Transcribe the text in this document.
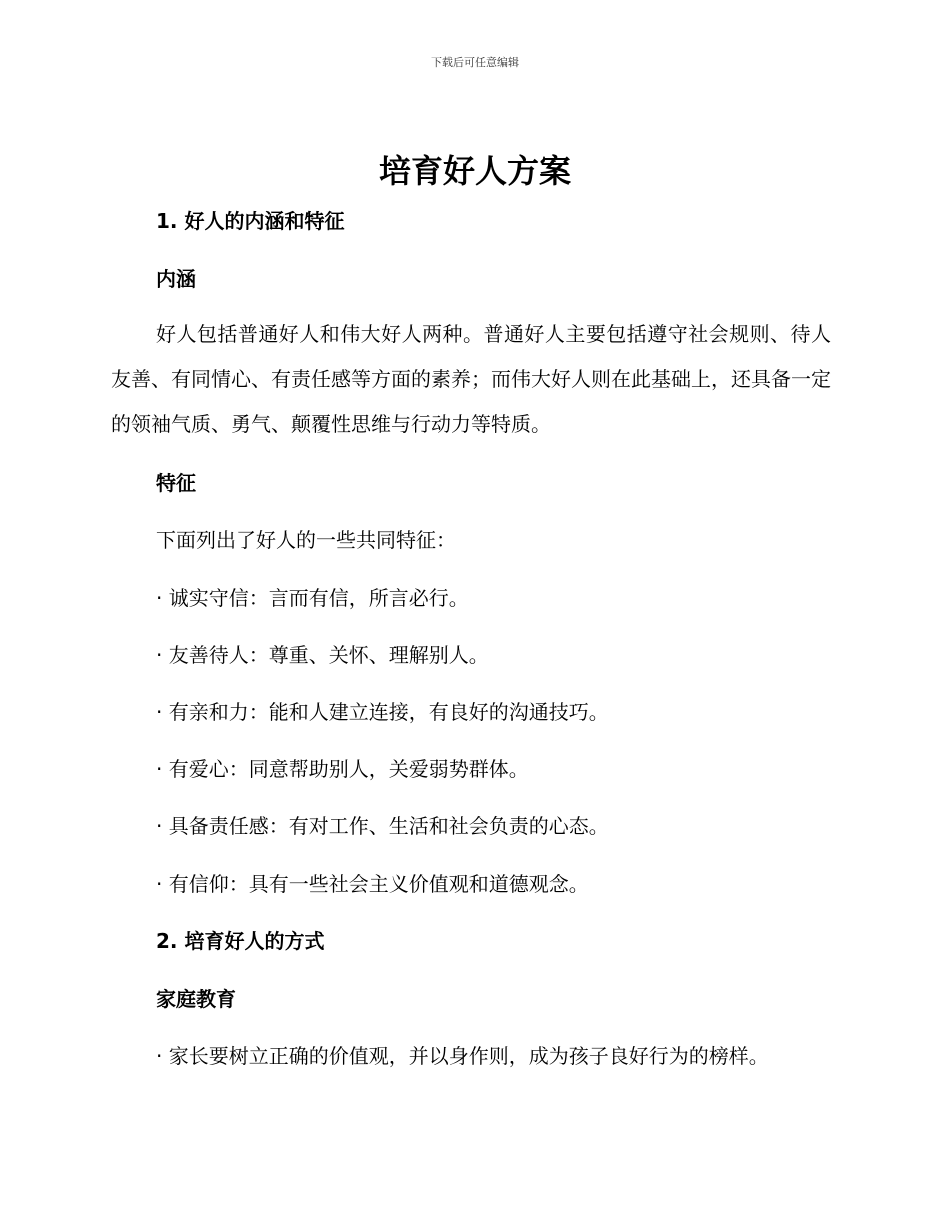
下载后可任意编辑
培育好人方案
1. 好人的内涵和特征
内涵
好人包括普通好人和伟大好人两种。普通好人主要包括遵守社会规则、待人友善、有同情心、有责任感等方面的素养；而伟大好人则在此基础上，还具备一定的领袖气质、勇气、颠覆性思维与行动力等特质。
特征
下面列出了好人的一些共同特征：
· 诚实守信：言而有信，所言必行。
· 友善待人：尊重、关怀、理解别人。
· 有亲和力：能和人建立连接，有良好的沟通技巧。
· 有爱心：同意帮助别人，关爱弱势群体。
· 具备责任感：有对工作、生活和社会负责的心态。
· 有信仰：具有一些社会主义价值观和道德观念。
2. 培育好人的方式
家庭教育
· 家长要树立正确的价值观，并以身作则，成为孩子良好行为的榜样。
